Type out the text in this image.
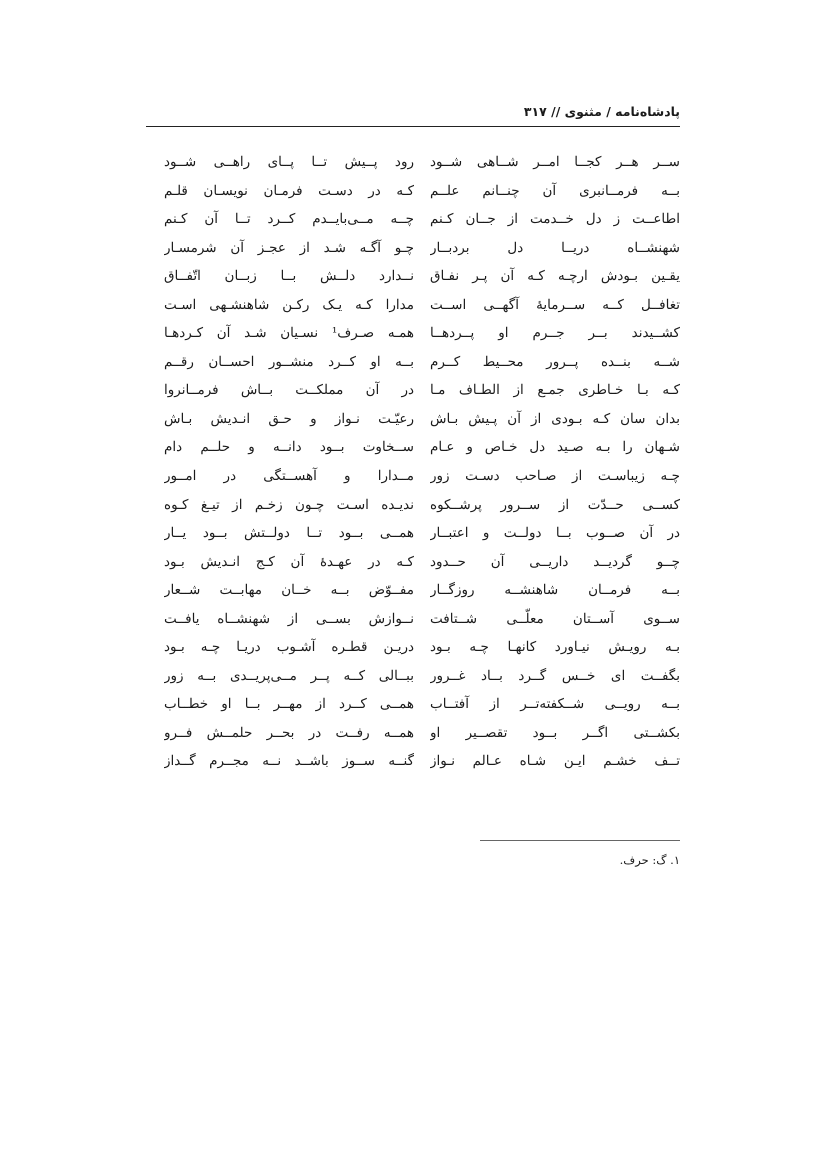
پادشاه‌نامه / مثنوی // ۳۱۷
ســر هــر کجــا امــر شــاهی شــود
بــه فرمــانبری آن چنــانم علــم
اطاعــت ز دل خــدمت از جــان کـنم
شهنشــاه دریــا دل بردبــار
یقـین بـودش ارچـه کـه آن پـر نفـاق
تغافــل کــه ســرمایهٔ آگهــی اســت
کشــیدند بــر جــرم او پــردهــا
شــه بنــده پــرور محــیط کــرم
کـه بـا خـاطری جمـع از الطـاف مـا
بدان سان کـه بـودی از آن پـیش بـاش
شـهان را بـه صـید دل خـاص و عـام
چـه زیباسـت از صـاحب دسـت زور
کســی حــدّت از ســرور پرشــکوه
در آن صــوب بــا دولــت و اعتبــار
چــو گردیــد داریــی آن حــدود
بــه فرمــان شاهنشــه روزگــار
ســوی آســتان معلّــی شــتافت
بـه رویـش نیـاورد کانهـا چـه بـود
بگفــت ای خــس گــرد بــاد غــرور
بــه رویــی شــکفته‌تــر از آفتــاب
بکشــتی اگــر بــود تقصــیر او
تــف خشـم ایـن شـاه عـالم نـواز
رود پــیش تــا پــای راهــی شــود
کـه در دسـت فرمـان نویسـان قلـم
چــه مــی‌بایــدم کــرد تــا آن کـنم
چـو آگـه شـد از عجـز آن شرمسـار
نــدارد دلــش بــا زبــان اتّفــاق
مدارا کـه یـک رکـن شاهنشـهی اسـت
همـه صـرف¹ نسـیان شـد آن کـردهـا
بــه او کــرد منشــور احســان رقــم
در آن مملکــت بــاش فرمــانروا
رعیّـت نـواز و حـق انـدیش بـاش
ســخاوت بــود دانــه و حلــم دام
مــدارا و آهســتگی در امــور
ندیـده اسـت چـون زخـم از تیـغ کـوه
همــی بــود تــا دولــتش بــود یــار
کـه در عهـدهٔ آن کـج انـدیش بـود
مفــوّض بــه خــان مهابــت شــعار
نــوازش بســی از شهنشــاه یافــت
دریـن قطـره آشـوب دریـا چـه بـود
ببــالی کــه پــر مــی‌پریــدی بــه زور
همــی کــرد از مهــر بــا او خطــاب
همــه رفــت در بحــر حلمــش فــرو
گنــه ســوز باشــد نــه مجــرم گــداز
۱. گ: حرف.
